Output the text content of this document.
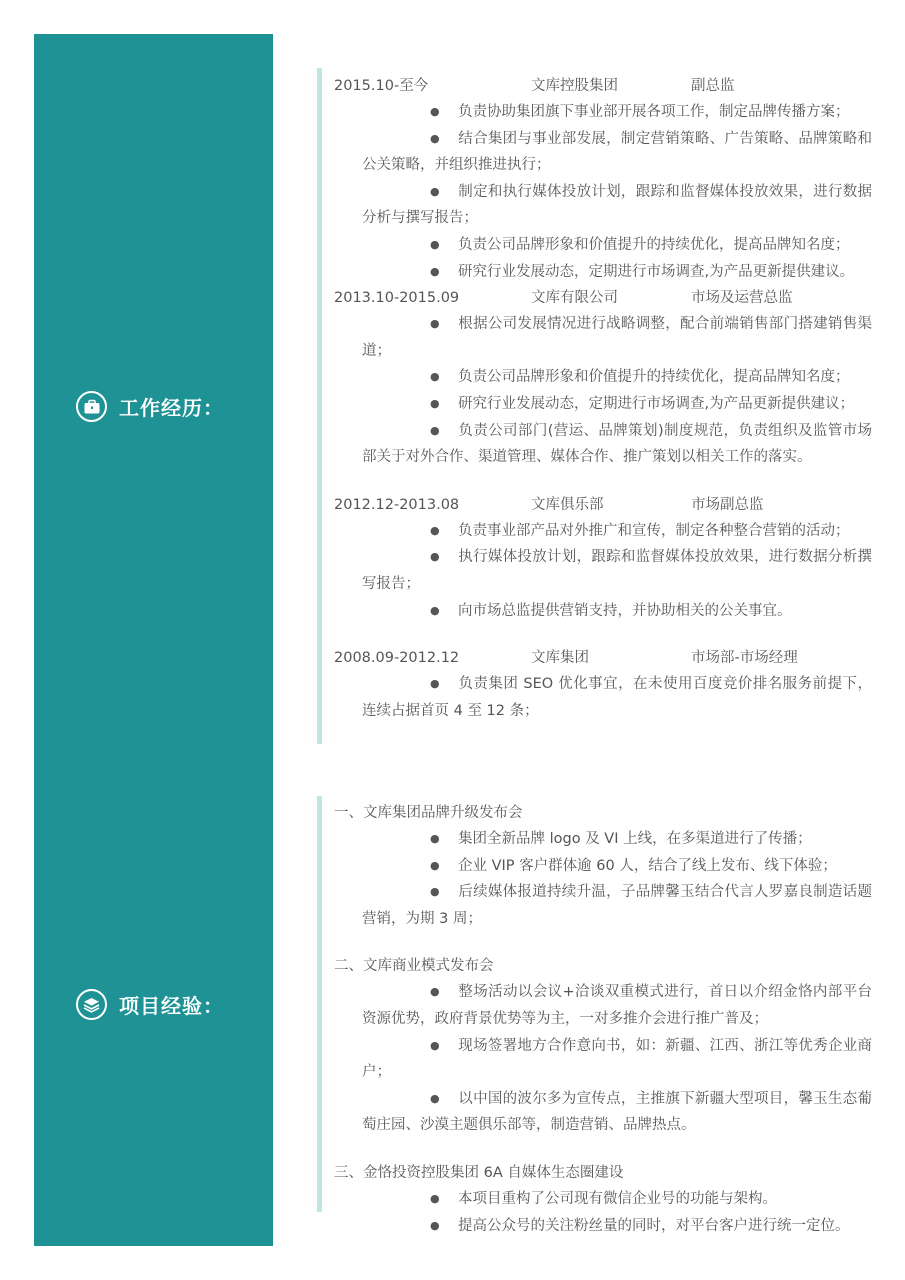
工作经历：
项目经验：
2015.10-至今	文库控股集团	副总监
● 负责协助集团旗下事业部开展各项工作，制定品牌传播方案；
● 结合集团与事业部发展，制定营销策略、广告策略、品牌策略和公关策略，并组织推进执行；
● 制定和执行媒体投放计划，跟踪和监督媒体投放效果，进行数据分析与撰写报告；
● 负责公司品牌形象和价值提升的持续优化，提高品牌知名度；
● 研究行业发展动态，定期进行市场调查,为产品更新提供建议。
2013.10-2015.09	文库有限公司	市场及运营总监
● 根据公司发展情况进行战略调整，配合前端销售部门搭建销售渠道；
● 负责公司品牌形象和价值提升的持续优化，提高品牌知名度；
● 研究行业发展动态，定期进行市场调查,为产品更新提供建议；
● 负责公司部门(营运、品牌策划)制度规范，负责组织及监管市场部关于对外合作、渠道管理、媒体合作、推广策划以相关工作的落实。
2012.12-2013.08	文库俱乐部	市场副总监
● 负责事业部产品对外推广和宣传，制定各种整合营销的活动；
● 执行媒体投放计划，跟踪和监督媒体投放效果，进行数据分析撰写报告；
● 向市场总监提供营销支持，并协助相关的公关事宜。
2008.09-2012.12	文库集团	市场部-市场经理
● 负责集团 SEO 优化事宜，在未使用百度竞价排名服务前提下，连续占据首页 4 至 12 条；
一、文库集团品牌升级发布会
● 集团全新品牌 logo 及 VI 上线，在多渠道进行了传播；
● 企业 VIP 客户群体逾 60 人，结合了线上发布、线下体验；
● 后续媒体报道持续升温，子品牌馨玉结合代言人罗嘉良制造话题营销，为期 3 周；
二、文库商业模式发布会
● 整场活动以会议+洽谈双重模式进行，首日以介绍金恪内部平台资源优势，政府背景优势等为主，一对多推介会进行推广普及；
● 现场签署地方合作意向书，如：新疆、江西、浙江等优秀企业商户；
● 以中国的波尔多为宣传点，主推旗下新疆大型项目，馨玉生态葡萄庄园、沙漠主题俱乐部等，制造营销、品牌热点。
三、金恪投资控股集团 6A 自媒体生态圈建设
● 本项目重构了公司现有微信企业号的功能与架构。
● 提高公众号的关注粉丝量的同时，对平台客户进行统一定位。
